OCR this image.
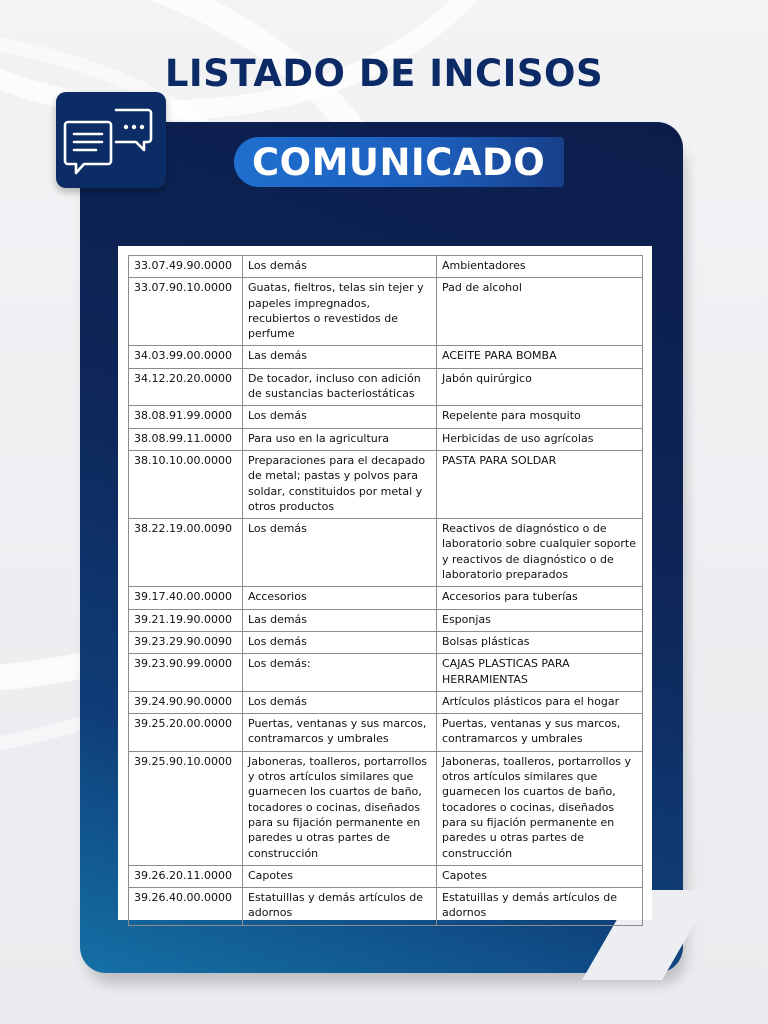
LISTADO DE INCISOS
COMUNICADO
33.07.49.90.0000	Los demás	Ambientadores
33.07.90.10.0000	Guatas, fieltros, telas sin tejer y papeles impregnados, recubiertos o revestidos de perfume	Pad de alcohol
34.03.99.00.0000	Las demás	ACEITE PARA BOMBA
34.12.20.20.0000	De tocador, incluso con adición de sustancias bacteriostáticas	Jabón quirúrgico
38.08.91.99.0000	Los demás	Repelente para mosquito
38.08.99.11.0000	Para uso en la agricultura	Herbicidas de uso agrícolas
38.10.10.00.0000	Preparaciones para el decapado de metal; pastas y polvos para soldar, constituidos por metal y otros productos	PASTA PARA SOLDAR
38.22.19.00.0090	Los demás	Reactivos de diagnóstico o de laboratorio sobre cualquier soporte y reactivos de diagnóstico o de laboratorio preparados
39.17.40.00.0000	Accesorios	Accesorios para tuberías
39.21.19.90.0000	Las demás	Esponjas
39.23.29.90.0090	Los demás	Bolsas plásticas
39.23.90.99.0000	Los demás:	CAJAS PLASTICAS PARA HERRAMIENTAS
39.24.90.90.0000	Los demás	Artículos plásticos para el hogar
39.25.20.00.0000	Puertas, ventanas y sus marcos, contramarcos y umbrales	Puertas, ventanas y sus marcos, contramarcos y umbrales
39.25.90.10.0000	Jaboneras, toalleros, portarrollos y otros artículos similares que guarnecen los cuartos de baño, tocadores o cocinas, diseñados para su fijación permanente en paredes u otras partes de construcción	Jaboneras, toalleros, portarrollos y otros artículos similares que guarnecen los cuartos de baño, tocadores o cocinas, diseñados para su fijación permanente en paredes u otras partes de construcción
39.26.20.11.0000	Capotes	Capotes
39.26.40.00.0000	Estatuillas y demás artículos de adornos	Estatuillas y demás artículos de adornos
